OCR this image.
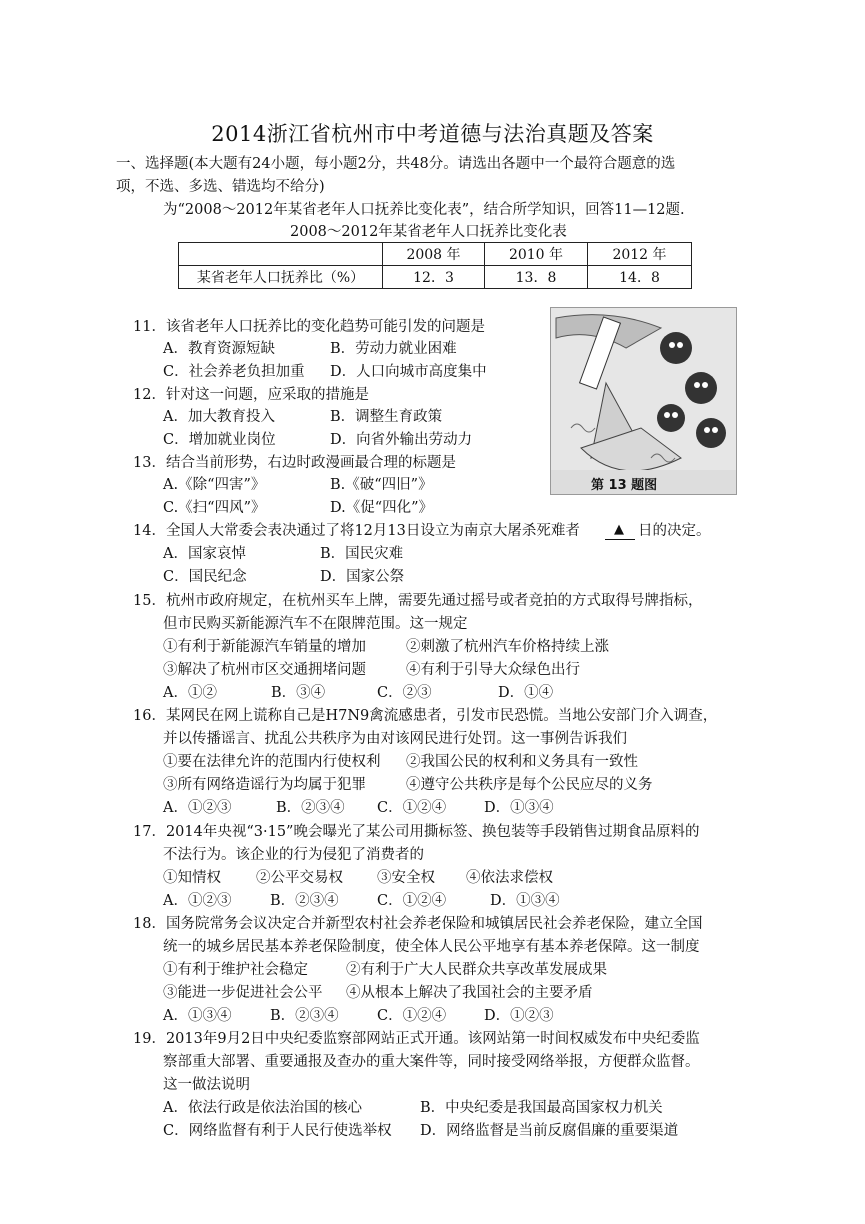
2014浙江省杭州市中考道德与法治真题及答案
一、选择题(本大题有24小题，每小题2分，共48分。请选出各题中一个最符合题意的选
项，不选、多选、错选均不给分)
为“2008～2012年某省老年人口抚养比变化表”，结合所学知识，回答11—12题.
2008～2012年某省老年人口抚养比变化表
	2008 年	2010 年	2012 年
某省老年人口抚养比（%）	12．3	13．8	14．8
第 13 题图
11．该省老年人口抚养比的变化趋势可能引发的问题是
A．教育资源短缺	B．劳动力就业困难
C．社会养老负担加重 D．人口向城市高度集中
12．针对这一问题，应采取的措施是
A．加大教育投入	B．调整生育政策
C．增加就业岗位	D．向省外输出劳动力
13．结合当前形势，右边时政漫画最合理的标题是
A.《除“四害”》	B.《破“四旧”》
C.《扫“四风”》	D.《促“四化”》
14．全国人大常委会表决通过了将12月13日设立为南京大屠杀死难者	▲ 日的决定。
A．国家哀悼	B．国民灾难
C．国民纪念	D．国家公祭
15．杭州市政府规定，在杭州买车上牌，需要先通过摇号或者竞拍的方式取得号牌指标，
但市民购买新能源汽车不在限牌范围。这一规定
①有利于新能源汽车销量的增加	②刺激了杭州汽车价格持续上涨
③解决了杭州市区交通拥堵问题	④有利于引导大众绿色出行
A．①②	B．③④	C．②③	D．①④
16．某网民在网上谎称自己是H7N9禽流感患者，引发市民恐慌。当地公安部门介入调查，
并以传播谣言、扰乱公共秩序为由对该网民进行处罚。这一事例告诉我们
①要在法律允许的范围内行使权利 ②我国公民的权利和义务具有一致性
③所有网络造谣行为均属于犯罪	④遵守公共秩序是每个公民应尽的义务
A．①②③	B．②③④ C．①②④	D．①③④
17．2014年央视“3·15”晚会曝光了某公司用撕标签、换包装等手段销售过期食品原料的
不法行为。该企业的行为侵犯了消费者的
①知情权 ②公平交易权 ③安全权 ④依法求偿权
A．①②③	B．②③④	C．①②④	D．①③④
18．国务院常务会议决定合并新型农村社会养老保险和城镇居民社会养老保险，建立全国
统一的城乡居民基本养老保险制度，使全体人民公平地享有基本养老保障。这一制度
①有利于维护社会稳定	②有利于广大人民群众共享改革发展成果
③能进一步促进社会公平 ④从根本上解决了我国社会的主要矛盾
A．①③④	B．②③④	C．①②④	D．①②③
19．2013年9月2日中央纪委监察部网站正式开通。该网站第一时间权威发布中央纪委监
察部重大部署、重要通报及查办的重大案件等，同时接受网络举报，方便群众监督。
这一做法说明
A．依法行政是依法治国的核心	B．中央纪委是我国最高国家权力机关
C．网络监督有利于人民行使选举权 D．网络监督是当前反腐倡廉的重要渠道
